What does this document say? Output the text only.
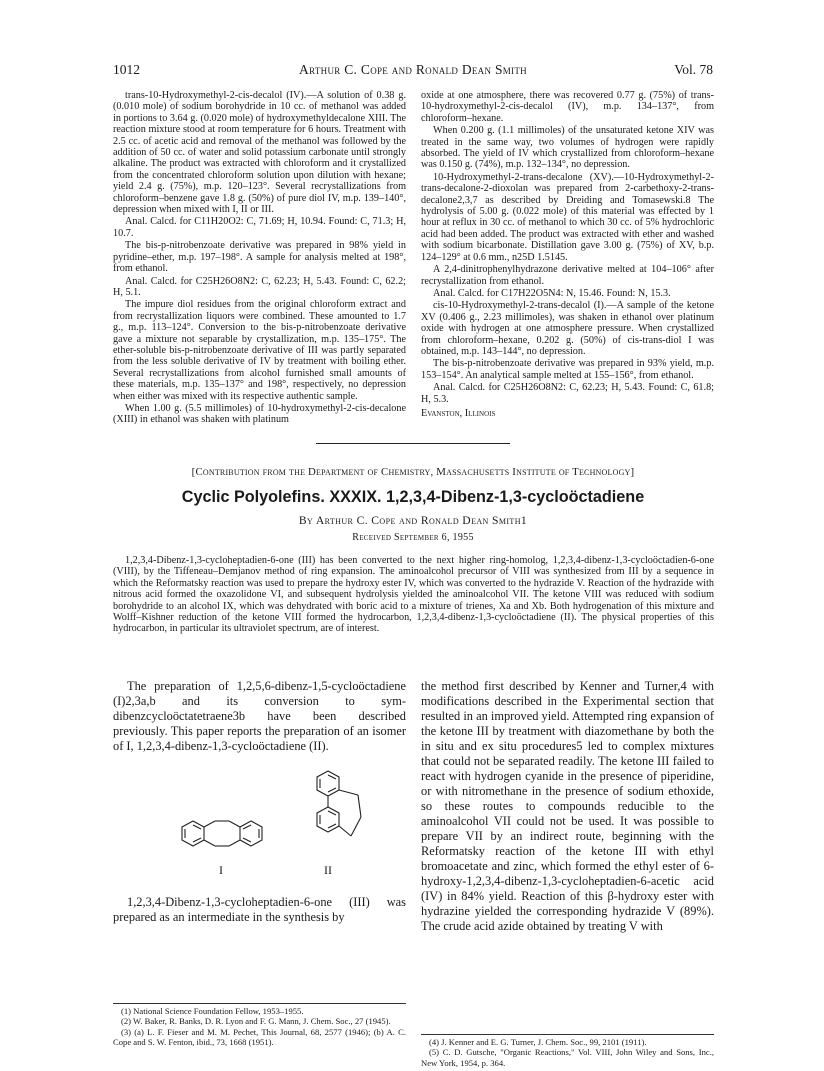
1012	Arthur C. Cope and Ronald Dean Smith	Vol. 78

trans-10-Hydroxymethyl-2-cis-decalol (IV).—A solution of 0.38 g. (0.010 mole) of sodium borohydride in 10 cc. of methanol was added in portions to 3.64 g. (0.020 mole) of hydroxymethyldecalone XIII. The reaction mixture stood at room temperature for 6 hours. Treatment with 2.5 cc. of acetic acid and removal of the methanol was followed by the addition of 50 cc. of water and solid potassium carbonate until strongly alkaline. The product was extracted with chloroform and it crystallized from the concentrated chloroform solution upon dilution with hexane; yield 2.4 g. (75%), m.p. 120–123°. Several recrystallizations from chloroform–benzene gave 1.8 g. (50%) of pure diol IV, m.p. 139–140°, depression when mixed with I, II or III.

Anal. Calcd. for C11H20O2: C, 71.69; H, 10.94. Found: C, 71.3; H, 10.7.

The bis-p-nitrobenzoate derivative was prepared in 98% yield in pyridine–ether, m.p. 197–198°. A sample for analysis melted at 198°, from ethanol.

Anal. Calcd. for C25H26O8N2: C, 62.23; H, 5.43. Found: C, 62.2; H, 5.1.

The impure diol residues from the original chloroform extract and from recrystallization liquors were combined. These amounted to 1.7 g., m.p. 113–124°. Conversion to the bis-p-nitrobenzoate derivative gave a mixture not separable by crystallization, m.p. 135–175°. The ether-soluble bis-p-nitrobenzoate derivative of III was partly separated from the less soluble derivative of IV by treatment with boiling ether. Several recrystallizations from alcohol furnished small amounts of these materials, m.p. 135–137° and 198°, respectively, no depression when either was mixed with its respective authentic sample.

When 1.00 g. (5.5 millimoles) of 10-hydroxymethyl-2-cis-decalone (XIII) in ethanol was shaken with platinum

oxide at one atmosphere, there was recovered 0.77 g. (75%) of trans-10-hydroxymethyl-2-cis-decalol (IV), m.p. 134–137°, from chloroform–hexane.

When 0.200 g. (1.1 millimoles) of the unsaturated ketone XIV was treated in the same way, two volumes of hydrogen were rapidly absorbed. The yield of IV which crystallized from chloroform–hexane was 0.150 g. (74%), m.p. 132–134°, no depression.

10-Hydroxymethyl-2-trans-decalone (XV).—10-Hydroxymethyl-2-trans-decalone-2-dioxolan was prepared from 2-carbethoxy-2-trans-decalone2,3,7 as described by Dreiding and Tomasewski.8 The hydrolysis of 5.00 g. (0.022 mole) of this material was effected by 1 hour at reflux in 30 cc. of methanol to which 30 cc. of 5% hydrochloric acid had been added. The product was extracted with ether and washed with sodium bicarbonate. Distillation gave 3.00 g. (75%) of XV, b.p. 124–129° at 0.6 mm., n25D 1.5145.

A 2,4-dinitrophenylhydrazone derivative melted at 104–106° after recrystallization from ethanol.

Anal. Calcd. for C17H22O5N4: N, 15.46. Found: N, 15.3.

cis-10-Hydroxymethyl-2-trans-decalol (I).—A sample of the ketone XV (0.406 g., 2.23 millimoles), was shaken in ethanol over platinum oxide with hydrogen at one atmosphere pressure. When crystallized from chloroform–hexane, 0.202 g. (50%) of cis-trans-diol I was obtained, m.p. 143–144°, no depression.

The bis-p-nitrobenzoate derivative was prepared in 93% yield, m.p. 153–154°. An analytical sample melted at 155–156°, from ethanol.

Anal. Calcd. for C25H26O8N2: C, 62.23; H, 5.43. Found: C, 61.8; H, 5.3.

Evanston, Illinois

[Contribution from the Department of Chemistry, Massachusetts Institute of Technology]
Cyclic Polyolefins. XXXIX. 1,2,3,4-Dibenz-1,3-cycloöctadiene
By Arthur C. Cope and Ronald Dean Smith1
Received September 6, 1955

1,2,3,4-Dibenz-1,3-cycloheptadien-6-one (III) has been converted to the next higher ring-homolog, 1,2,3,4-dibenz-1,3-cycloöctadien-6-one (VIII), by the Tiffeneau–Demjanov method of ring expansion. The aminoalcohol precursor of VIII was synthesized from III by a sequence in which the Reformatsky reaction was used to prepare the hydroxy ester IV, which was converted to the hydrazide V. Reaction of the hydrazide with nitrous acid formed the oxazolidone VI, and subsequent hydrolysis yielded the aminoalcohol VII. The ketone VIII was reduced with sodium borohydride to an alcohol IX, which was dehydrated with boric acid to a mixture of trienes, Xa and Xb. Both hydrogenation of this mixture and Wolff–Kishner reduction of the ketone VIII formed the hydrocarbon, 1,2,3,4-dibenz-1,3-cycloöctadiene (II). The physical properties of this hydrocarbon, in particular its ultraviolet spectrum, are of interest.

The preparation of 1,2,5,6-dibenz-1,5-cycloöctadiene (I)2,3a,b and its conversion to sym-dibenzcycloöctatetraene3b have been described previously. This paper reports the preparation of an isomer of I, 1,2,3,4-dibenz-1,3-cycloöctadiene (II).

I	II

1,2,3,4-Dibenz-1,3-cycloheptadien-6-one (III) was prepared as an intermediate in the synthesis by

the method first described by Kenner and Turner,4 with modifications described in the Experimental section that resulted in an improved yield. Attempted ring expansion of the ketone III by treatment with diazomethane by both the in situ and ex situ procedures5 led to complex mixtures that could not be separated readily. The ketone III failed to react with hydrogen cyanide in the presence of piperidine, or with nitromethane in the presence of sodium ethoxide, so these routes to compounds reducible to the aminoalcohol VII could not be used. It was possible to prepare VII by an indirect route, beginning with the Reformatsky reaction of the ketone III with ethyl bromoacetate and zinc, which formed the ethyl ester of 6-hydroxy-1,2,3,4-dibenz-1,3-cycloheptadien-6-acetic acid (IV) in 84% yield. Reaction of this β-hydroxy ester with hydrazine yielded the corresponding hydrazide V (89%). The crude acid azide obtained by treating V with

(1) National Science Foundation Fellow, 1953–1955.
(2) W. Baker, R. Banks, D. R. Lyon and F. G. Mann, J. Chem. Soc., 27 (1945).
(3) (a) L. F. Fieser and M. M. Pechet, This Journal, 68, 2577 (1946); (b) A. C. Cope and S. W. Fenton, ibid., 73, 1668 (1951).	(4) J. Kenner and E. G. Turner, J. Chem. Soc., 99, 2101 (1911).
(5) C. D. Gutsche, "Organic Reactions," Vol. VIII, John Wiley and Sons, Inc., New York, 1954, p. 364.
